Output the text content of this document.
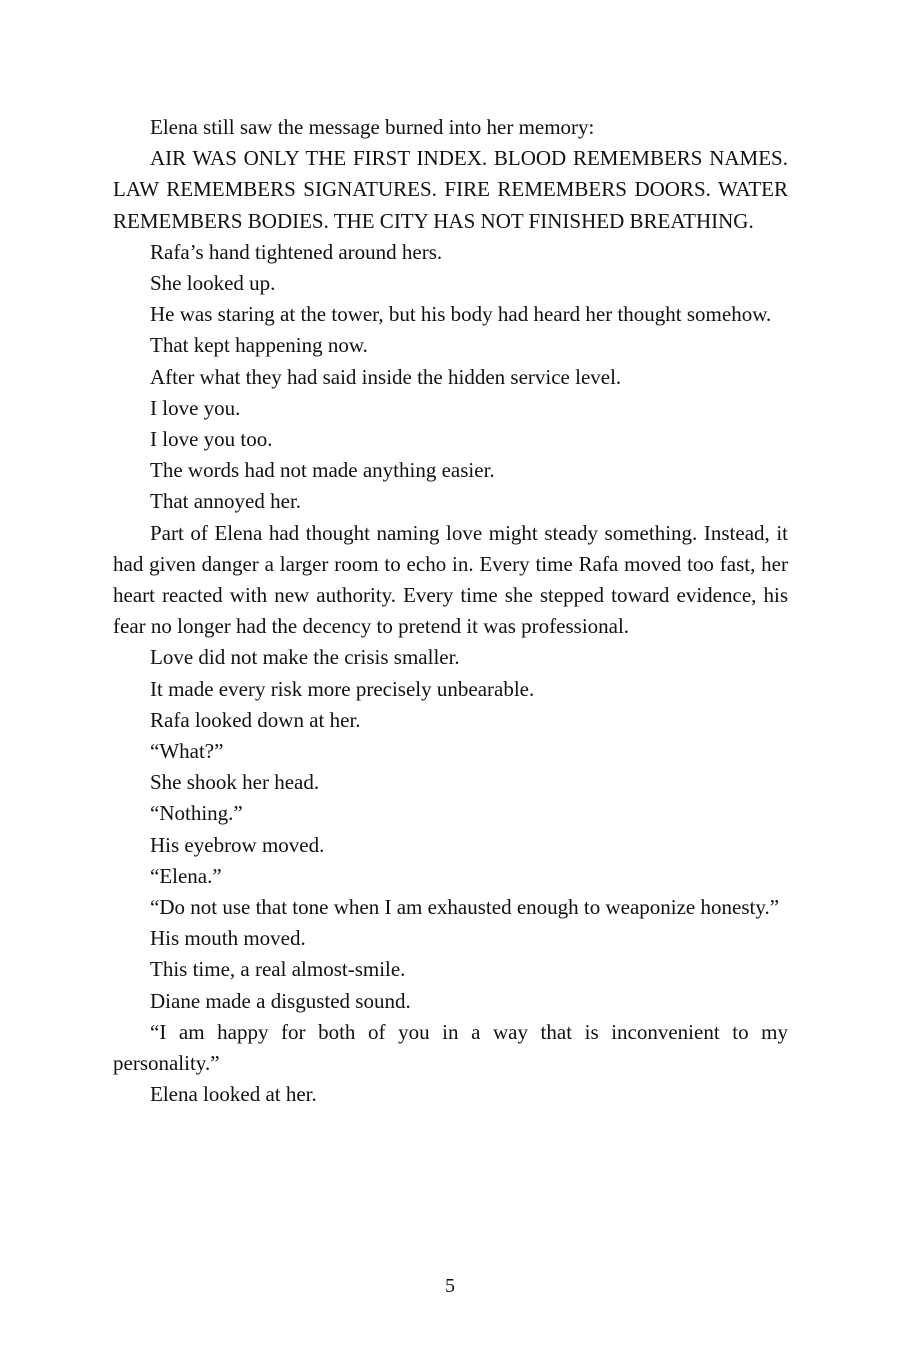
Elena still saw the message burned into her memory:

AIR WAS ONLY THE FIRST INDEX. BLOOD REMEMBERS NAMES. LAW REMEMBERS SIGNATURES. FIRE REMEMBERS DOORS. WATER REMEMBERS BODIES. THE CITY HAS NOT FINISHED BREATHING.

Rafa’s hand tightened around hers.

She looked up.

He was staring at the tower, but his body had heard her thought somehow.

That kept happening now.

After what they had said inside the hidden service level.

I love you.

I love you too.

The words had not made anything easier.

That annoyed her.

Part of Elena had thought naming love might steady something. Instead, it had given danger a larger room to echo in. Every time Rafa moved too fast, her heart reacted with new authority. Every time she stepped toward evidence, his fear no longer had the decency to pretend it was professional.

Love did not make the crisis smaller.

It made every risk more precisely unbearable.

Rafa looked down at her.

“What?”

She shook her head.

“Nothing.”

His eyebrow moved.

“Elena.”

“Do not use that tone when I am exhausted enough to weaponize honesty.”

His mouth moved.

This time, a real almost-smile.

Diane made a disgusted sound.

“I am happy for both of you in a way that is inconvenient to my personality.”

Elena looked at her.

5
